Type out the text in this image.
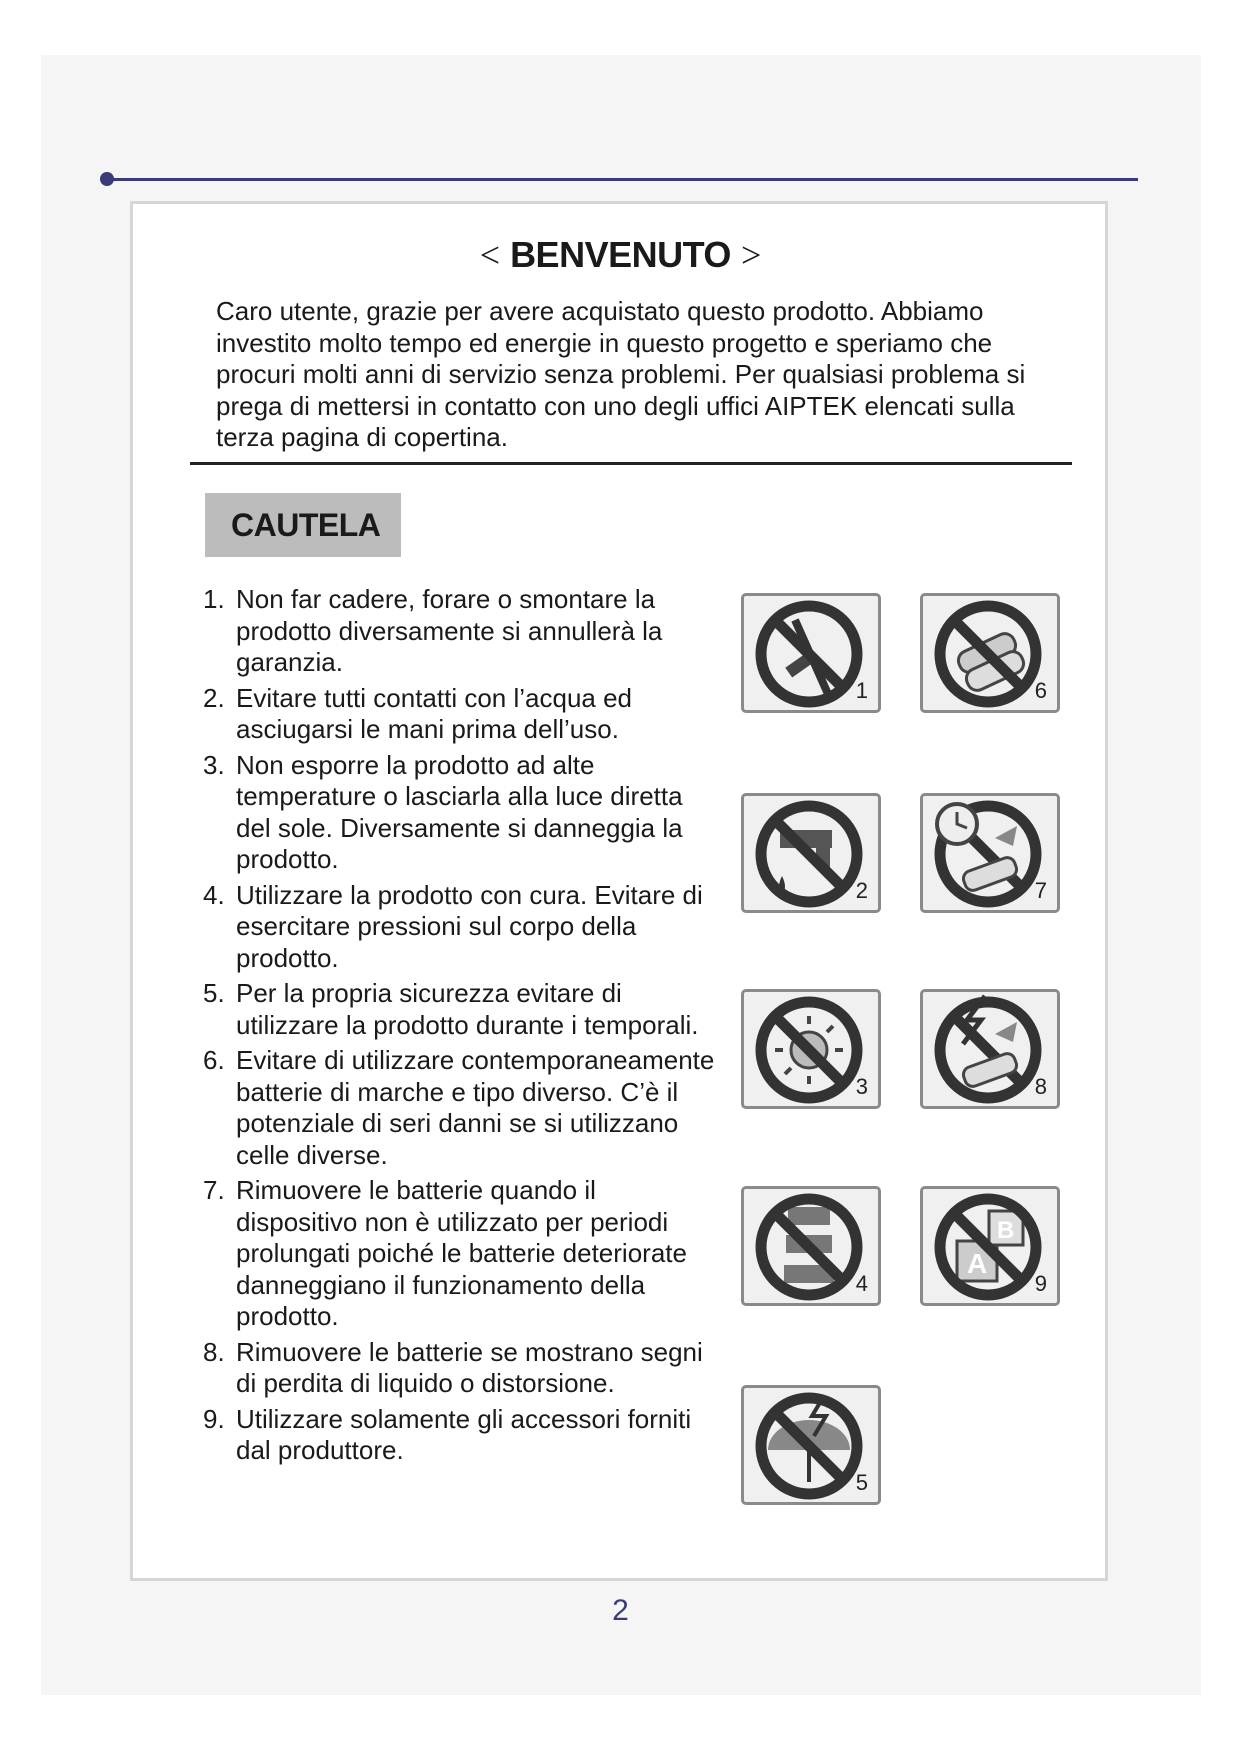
< BENVENUTO >
Caro utente, grazie per avere acquistato questo prodotto. Abbiamo investito molto tempo ed energie in questo progetto e speriamo che procuri molti anni di servizio senza problemi. Per qualsiasi problema si prega di mettersi in contatto con uno degli uffici AIPTEK elencati sulla terza pagina di copertina.
CAUTELA
1. Non far cadere, forare o smontare la prodotto diversamente si annullerà la garanzia.
2. Evitare tutti contatti con l’acqua ed asciugarsi le mani prima dell’uso.
3. Non esporre la prodotto ad alte temperature o lasciarla alla luce diretta del sole. Diversamente si danneggia la prodotto.
4. Utilizzare la prodotto con cura. Evitare di esercitare pressioni sul corpo della prodotto.
5. Per la propria sicurezza evitare di utilizzare la prodotto durante i temporali.
6. Evitare di utilizzare contemporaneamente batterie di marche e tipo diverso. C’è il potenziale di seri danni se si utilizzano celle diverse.
7. Rimuovere le batterie quando il dispositivo non è utilizzato per periodi prolungati poiché le batterie deteriorate danneggiano il funzionamento della prodotto.
8. Rimuovere le batterie se mostrano segni di perdita di liquido o distorsione.
9. Utilizzare solamente gli accessori forniti dal produttore.
1
2
3
4
5
6
7
8
A
B
9
2
